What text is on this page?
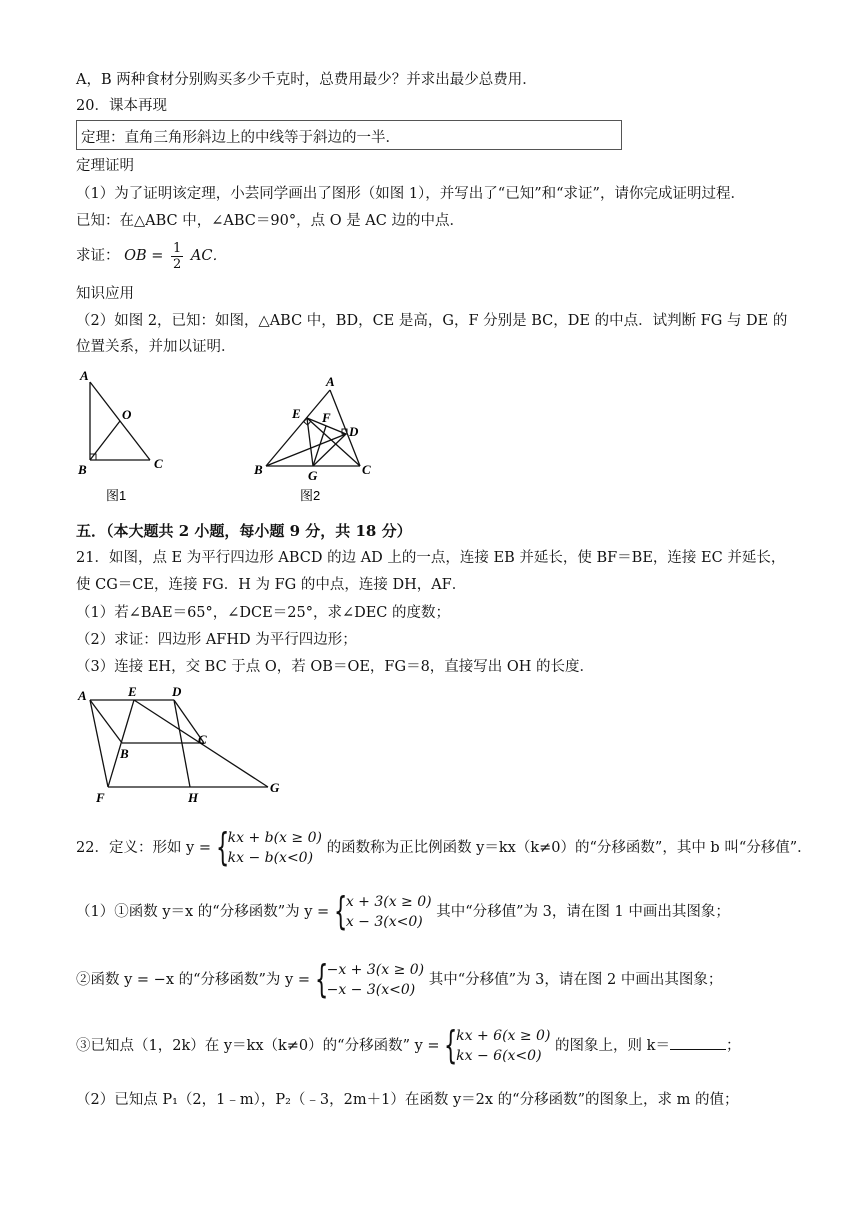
A，B 两种食材分别购买多少千克时，总费用最少？并求出最少总费用．
20．课本再现
定理：直角三角形斜边上的中线等于斜边的一半．
定理证明
（1）为了证明该定理，小芸同学画出了图形（如图 1），并写出了“已知”和“求证”，请你完成证明过程．
已知：在△ABC 中，∠ABC＝90°，点 O 是 AC 边的中点．
求证： OB = $\frac{1}{2}$ AC．
知识应用
（2）如图 2，已知：如图，△ABC 中，BD，CE 是高，G，F 分别是 BC，DE 的中点．试判断 FG 与 DE 的
位置关系，并加以证明．
A
O
B	C
图1
A
E F
D
B	G	C
图2
五．（本大题共 2 小题，每小题 9 分，共 18 分）
21．如图，点 E 为平行四边形 ABCD 的边 AD 上的一点，连接 EB 并延长，使 BF＝BE，连接 EC 并延长，
使 CG＝CE，连接 FG．H 为 FG 的中点，连接 DH，AF．
（1）若∠BAE＝65°，∠DCE＝25°，求∠DEC 的度数；
（2）求证：四边形 AFHD 为平行四边形；
（3）连接 EH，交 BC 于点 O，若 OB＝OE，FG＝8，直接写出 OH 的长度．
A	E	D
B
C
F	H
G
22．定义：形如 y = {
kx + b(x ≥ 0)
kx − b(x<0)
的函数称为正比例函数 y＝kx（k≠0）的“分移函数”，其中 b 叫“分移值”．
（1）①函数 y＝x 的“分移函数”为 y = {
x + 3(x ≥ 0)
x − 3(x<0)
其中“分移值”为 3，请在图 1 中画出其图象；
②函数 y = −x 的“分移函数”为 y = {
−x + 3(x ≥ 0)
−x − 3(x<0)
其中“分移值”为 3，请在图 2 中画出其图象；
③已知点（1，2k）在 y＝kx（k≠0）的“分移函数” y = {
kx + 6(x ≥ 0)
kx − 6(x<0)
的图象上，则 k＝	；
（2）已知点 P₁（2，1﹣m），P₂（﹣3，2m＋1）在函数 y＝2x 的“分移函数”的图象上，求 m 的值；
